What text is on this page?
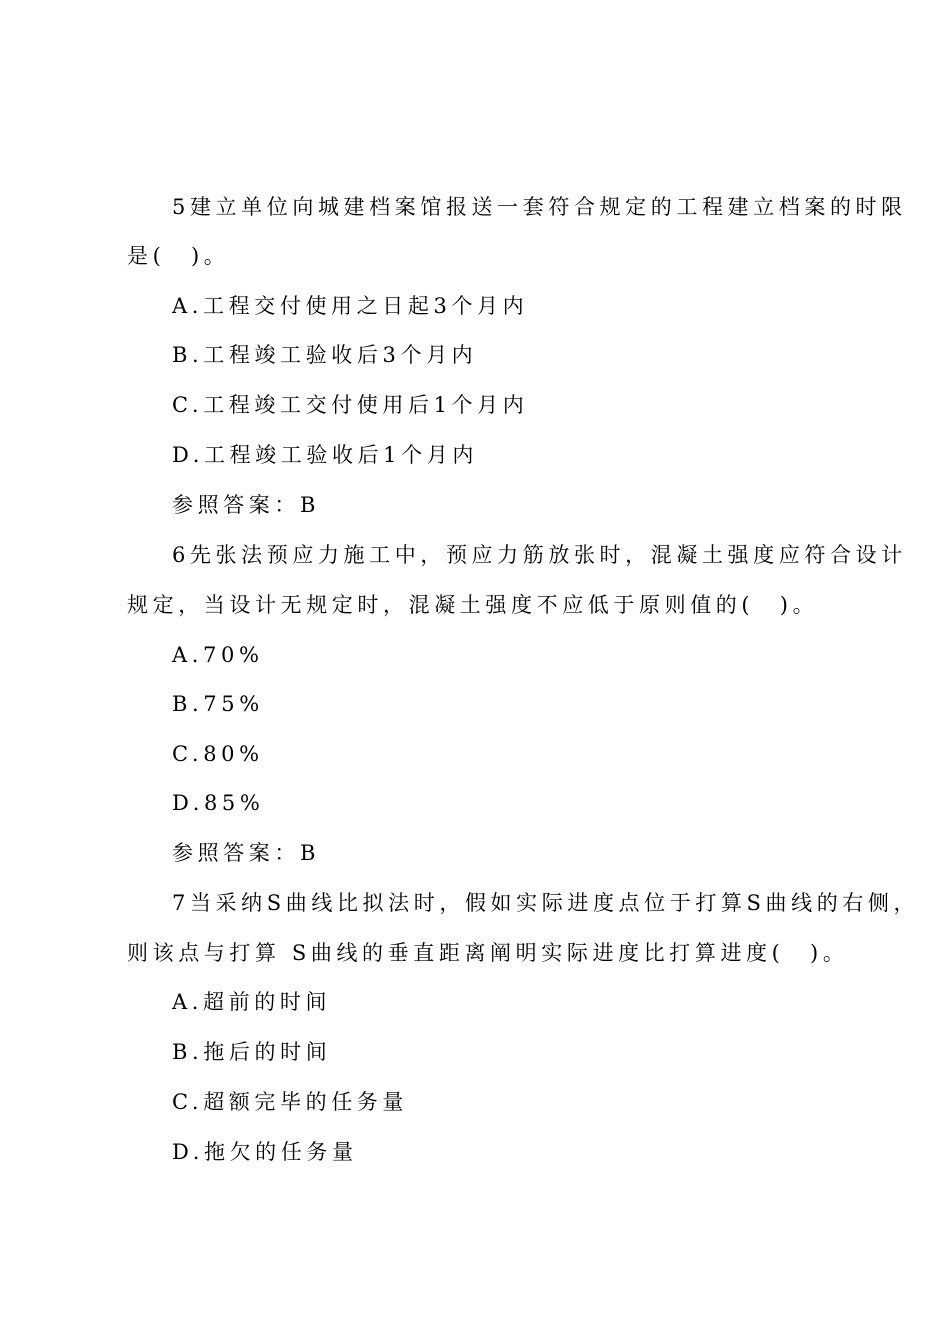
5建立单位向城建档案馆报送一套符合规定的工程建立档案的时限
是(　)。
A.工程交付使用之日起3个月内
B.工程竣工验收后3个月内
C.工程竣工交付使用后1个月内
D.工程竣工验收后1个月内
参照答案：B
6先张法预应力施工中，预应力筋放张时，混凝土强度应符合设计
规定，当设计无规定时，混凝土强度不应低于原则值的(　)。
A.70%
B.75%
C.80%
D.85%
参照答案：B
7当采纳S曲线比拟法时，假如实际进度点位于打算S曲线的右侧，
则该点与打算 S曲线的垂直距离阐明实际进度比打算进度(　)。
A.超前的时间
B.拖后的时间
C.超额完毕的任务量
D.拖欠的任务量
